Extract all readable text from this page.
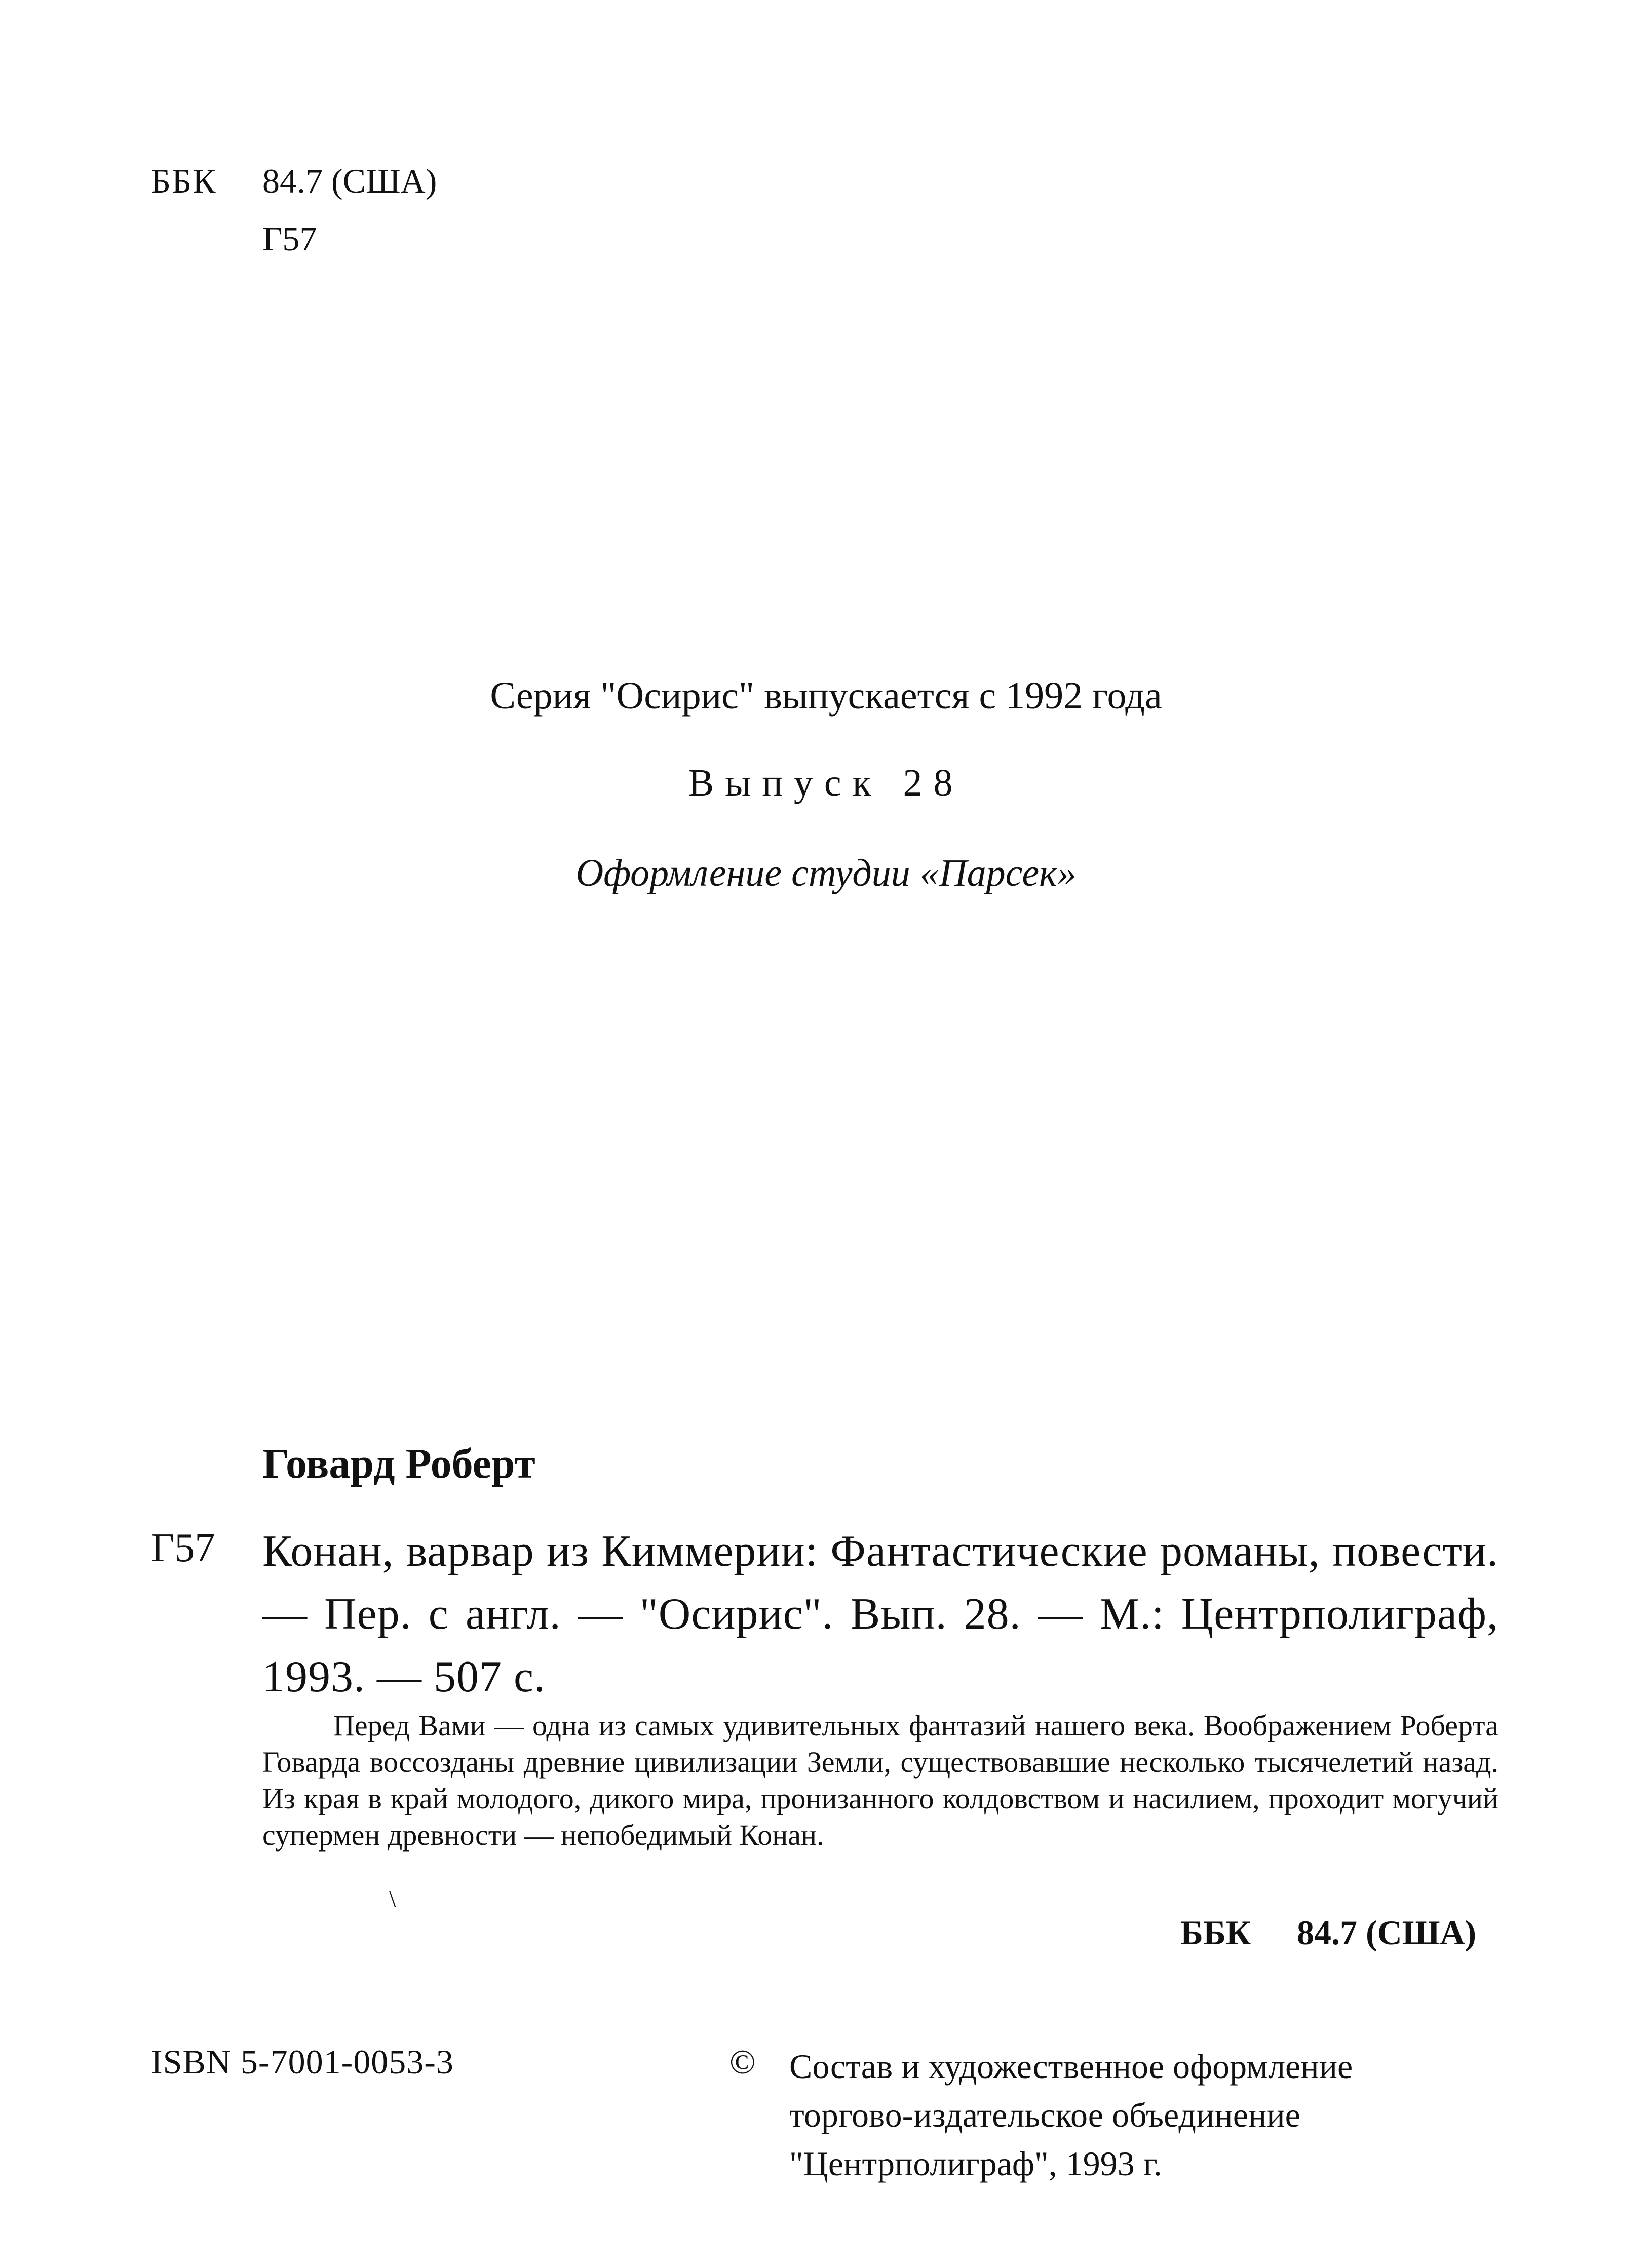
ББК 84.7 (США)
Г57
Серия "Осирис" выпускается с 1992 года
Выпуск 28
Оформление студии «Парсек»
Говард Роберт
Г57 Конан, варвар из Киммерии: Фантастические романы, повести. — Пер. с англ. — "Осирис". Вып. 28. — М.: Центрполиграф, 1993. — 507 с.
Перед Вами — одна из самых удивительных фантазий нашего века. Воображением Роберта Говарда воссозданы древние цивилизации Земли, существовавшие несколько тысячелетий назад. Из края в край молодого, дикого мира, пронизанного колдовством и насилием, проходит могучий супермен древности — непобедимый Конан.
\
ББК 84.7 (США)
ISBN 5-7001-0053-3	© Состав и художественное оформление
торгово-издательское объединение
"Центрполиграф", 1993 г.
